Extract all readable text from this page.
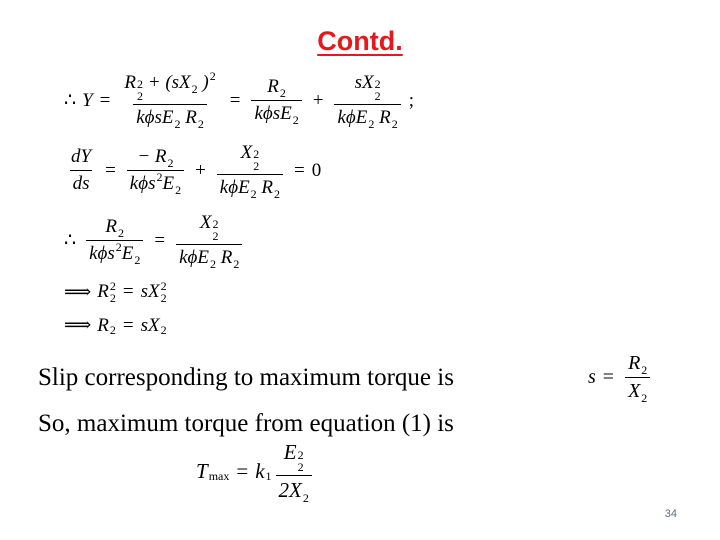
Contd.
∴ Y = R 2
2
+ ($sX_2$ )$^2$
kϕsE$_2$ $R_2 = \frac{R_2}{k\phi sE_2}$ + sX 2
2
kϕE$_2$ $R_2$ ;
$\frac{dY}{ds} = \frac{- R_2}{k\phi s^2E_2} + X$ 2
2
kϕE$_2$ $R_2 = 0$
∴ $\frac{R_2}{k\phi s^2E_2} = X$ 2
2
kϕE$_2$ $R_2$
⟹ R 2
2 = sX 2
2
⟹ R 2 = sX 2
Slip corresponding to maximum torque is
So, maximum torque from equation (1) is
$s = \frac{R_2}{X_2}$
T max = k 1 E 2
2
$2X_2$
34
